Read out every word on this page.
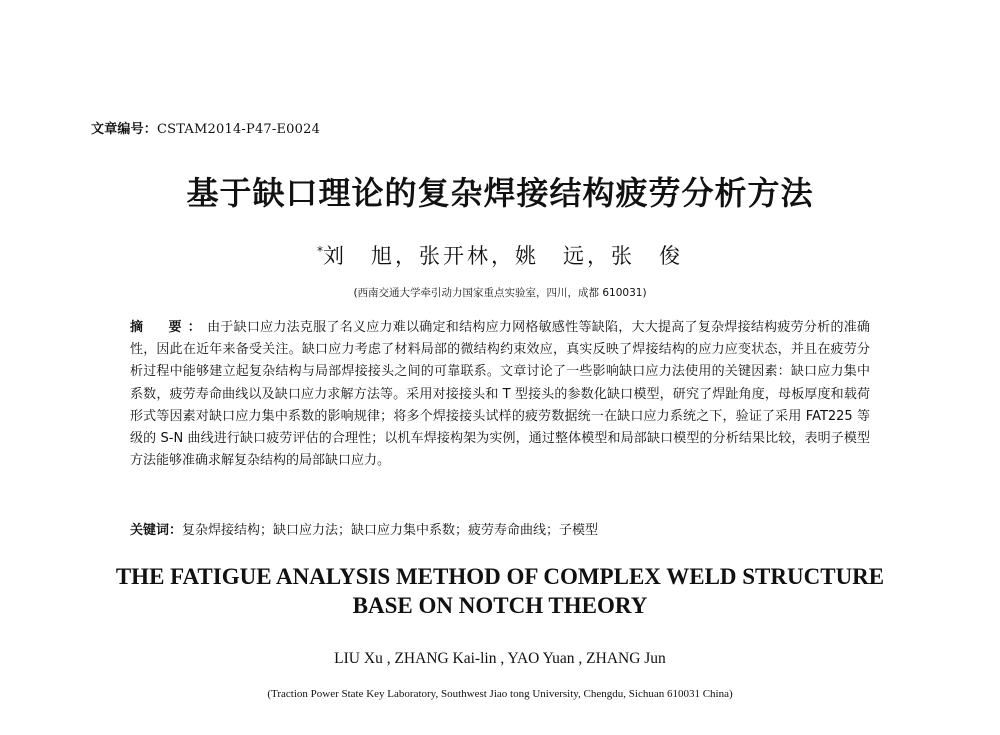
文章编号：CSTAM2014-P47-E0024
基于缺口理论的复杂焊接结构疲劳分析方法
*刘　旭，张开林，姚　远，张　俊
(西南交通大学牵引动力国家重点实验室，四川，成都 610031)
摘　要：由于缺口应力法克服了名义应力难以确定和结构应力网格敏感性等缺陷，大大提高了复杂焊接结构疲劳分析的准确性，因此在近年来备受关注。缺口应力考虑了材料局部的微结构约束效应，真实反映了焊接结构的应力应变状态，并且在疲劳分析过程中能够建立起复杂结构与局部焊接接头之间的可靠联系。文章讨论了一些影响缺口应力法使用的关键因素：缺口应力集中系数，疲劳寿命曲线以及缺口应力求解方法等。采用对接接头和 T 型接头的参数化缺口模型，研究了焊趾角度，母板厚度和载荷形式等因素对缺口应力集中系数的影响规律；将多个焊接接头试样的疲劳数据统一在缺口应力系统之下，验证了采用 FAT225 等级的 S-N 曲线进行缺口疲劳评估的合理性；以机车焊接构架为实例，通过整体模型和局部缺口模型的分析结果比较，表明子模型方法能够准确求解复杂结构的局部缺口应力。
关键词：复杂焊接结构；缺口应力法；缺口应力集中系数；疲劳寿命曲线；子模型
THE FATIGUE ANALYSIS METHOD OF COMPLEX WELD STRUCTURE
BASE ON NOTCH THEORY
LIU Xu , ZHANG Kai-lin , YAO Yuan , ZHANG Jun
(Traction Power State Key Laboratory, Southwest Jiao tong University, Chengdu, Sichuan 610031 China)
